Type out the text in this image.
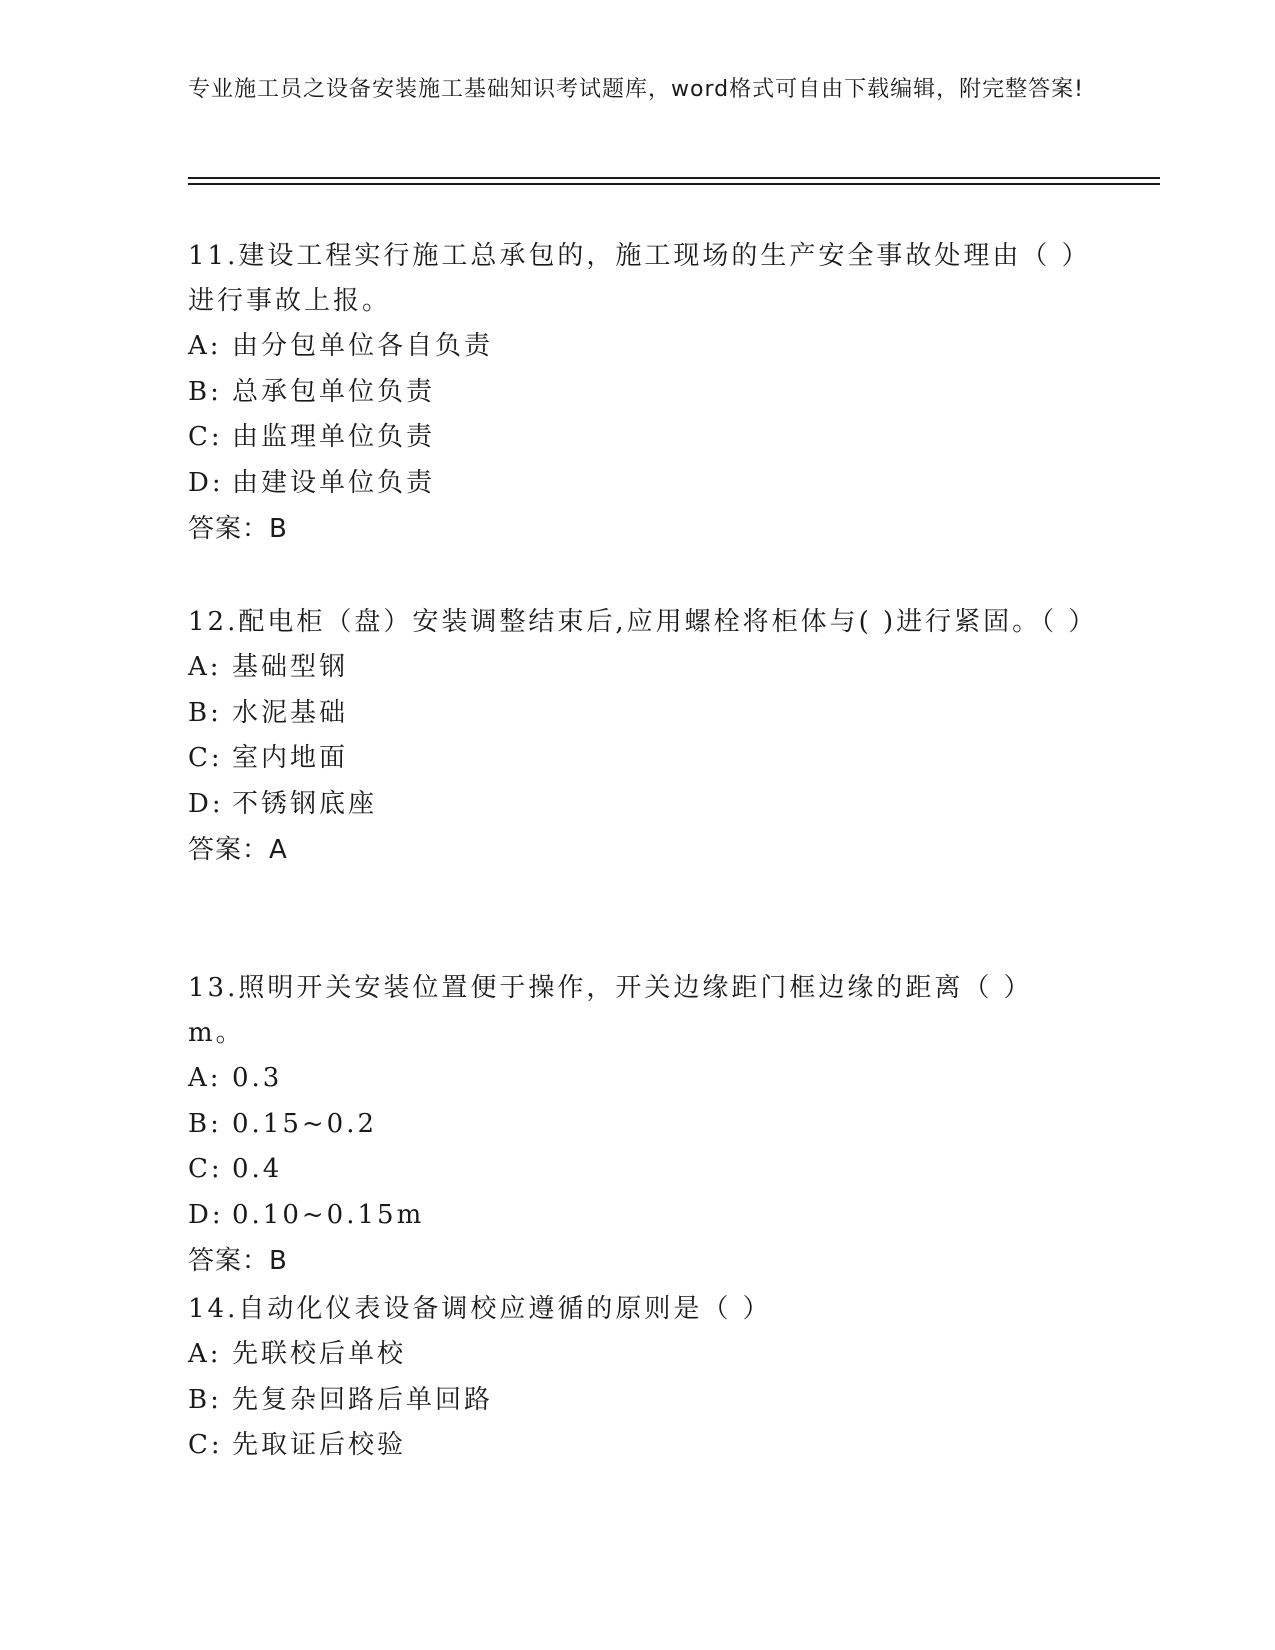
专业施工员之设备安装施工基础知识考试题库，word格式可自由下载编辑，附完整答案!
11.建设工程实行施工总承包的，施工现场的生产安全事故处理由（ ）进行事故上报。
A: 由分包单位各自负责
B: 总承包单位负责
C: 由监理单位负责
D: 由建设单位负责
答案：B
12.配电柜（盘）安装调整结束后,应用螺栓将柜体与( )进行紧固。（ ）
A: 基础型钢
B: 水泥基础
C: 室内地面
D: 不锈钢底座
答案：A
13.照明开关安装位置便于操作，开关边缘距门框边缘的距离（ ）m。
A: 0.3
B: 0.15~0.2
C: 0.4
D: 0.10~0.15m
答案：B
14.自动化仪表设备调校应遵循的原则是（ ）
A: 先联校后单校
B: 先复杂回路后单回路
C: 先取证后校验
